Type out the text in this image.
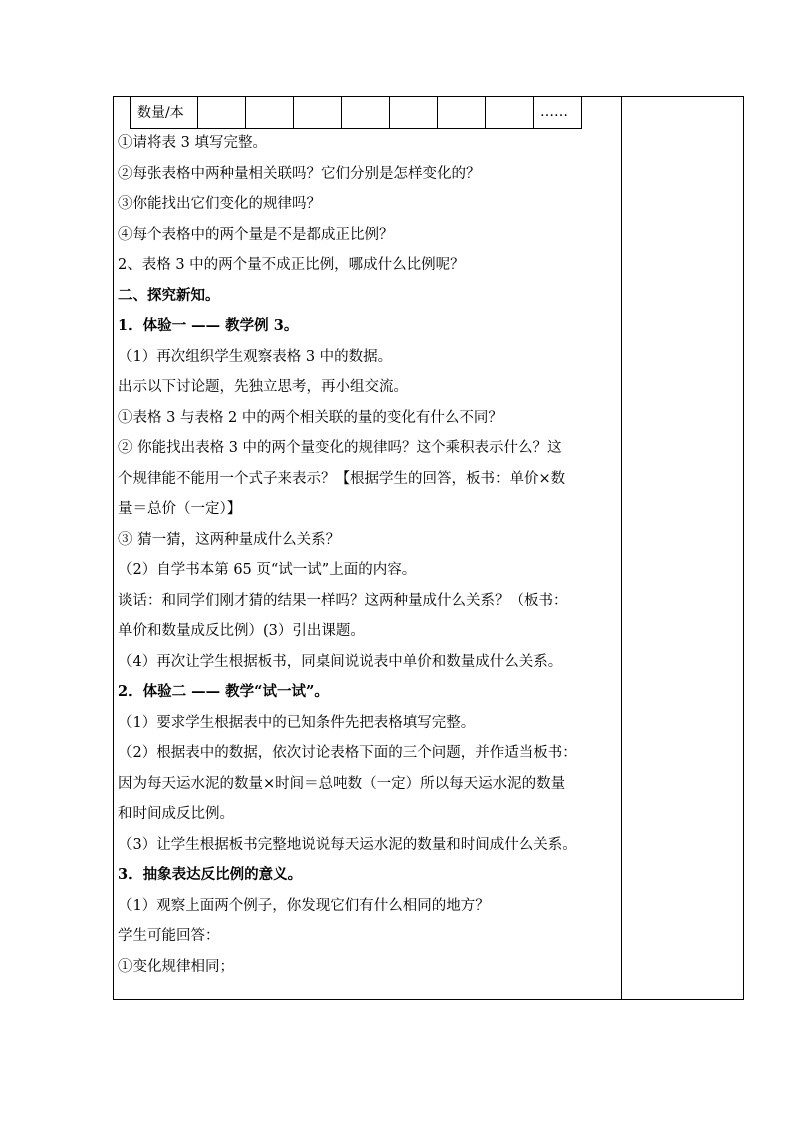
数量/本								……
①请将表 3 填写完整。
②每张表格中两种量相关联吗？它们分别是怎样变化的？
③你能找出它们变化的规律吗？
④每个表格中的两个量是不是都成正比例？
2、表格 3 中的两个量不成正比例，哪成什么比例呢？
二、探究新知。
1．体验一 —— 教学例 3。
（1）再次组织学生观察表格 3 中的数据。
出示以下讨论题，先独立思考，再小组交流。
①表格 3 与表格 2 中的两个相关联的量的变化有什么不同？
② 你能找出表格 3 中的两个量变化的规律吗？这个乘积表示什么？这
个规律能不能用一个式子来表示？【根据学生的回答，板书：单价×数
量＝总价（一定）】
③ 猜一猜，这两种量成什么关系？
（2）自学书本第 65 页“试一试”上面的内容。
谈话：和同学们刚才猜的结果一样吗？这两种量成什么关系？（板书：
单价和数量成反比例）(3）引出课题。
（4）再次让学生根据板书，同桌间说说表中单价和数量成什么关系。
2．体验二 —— 教学“试一试”。
（1）要求学生根据表中的已知条件先把表格填写完整。
（2）根据表中的数据，依次讨论表格下面的三个问题，并作适当板书：
因为每天运水泥的数量×时间＝总吨数（一定）所以每天运水泥的数量
和时间成反比例。
（3）让学生根据板书完整地说说每天运水泥的数量和时间成什么关系。
3．抽象表达反比例的意义。
（1）观察上面两个例子，你发现它们有什么相同的地方？
学生可能回答：
①变化规律相同；
